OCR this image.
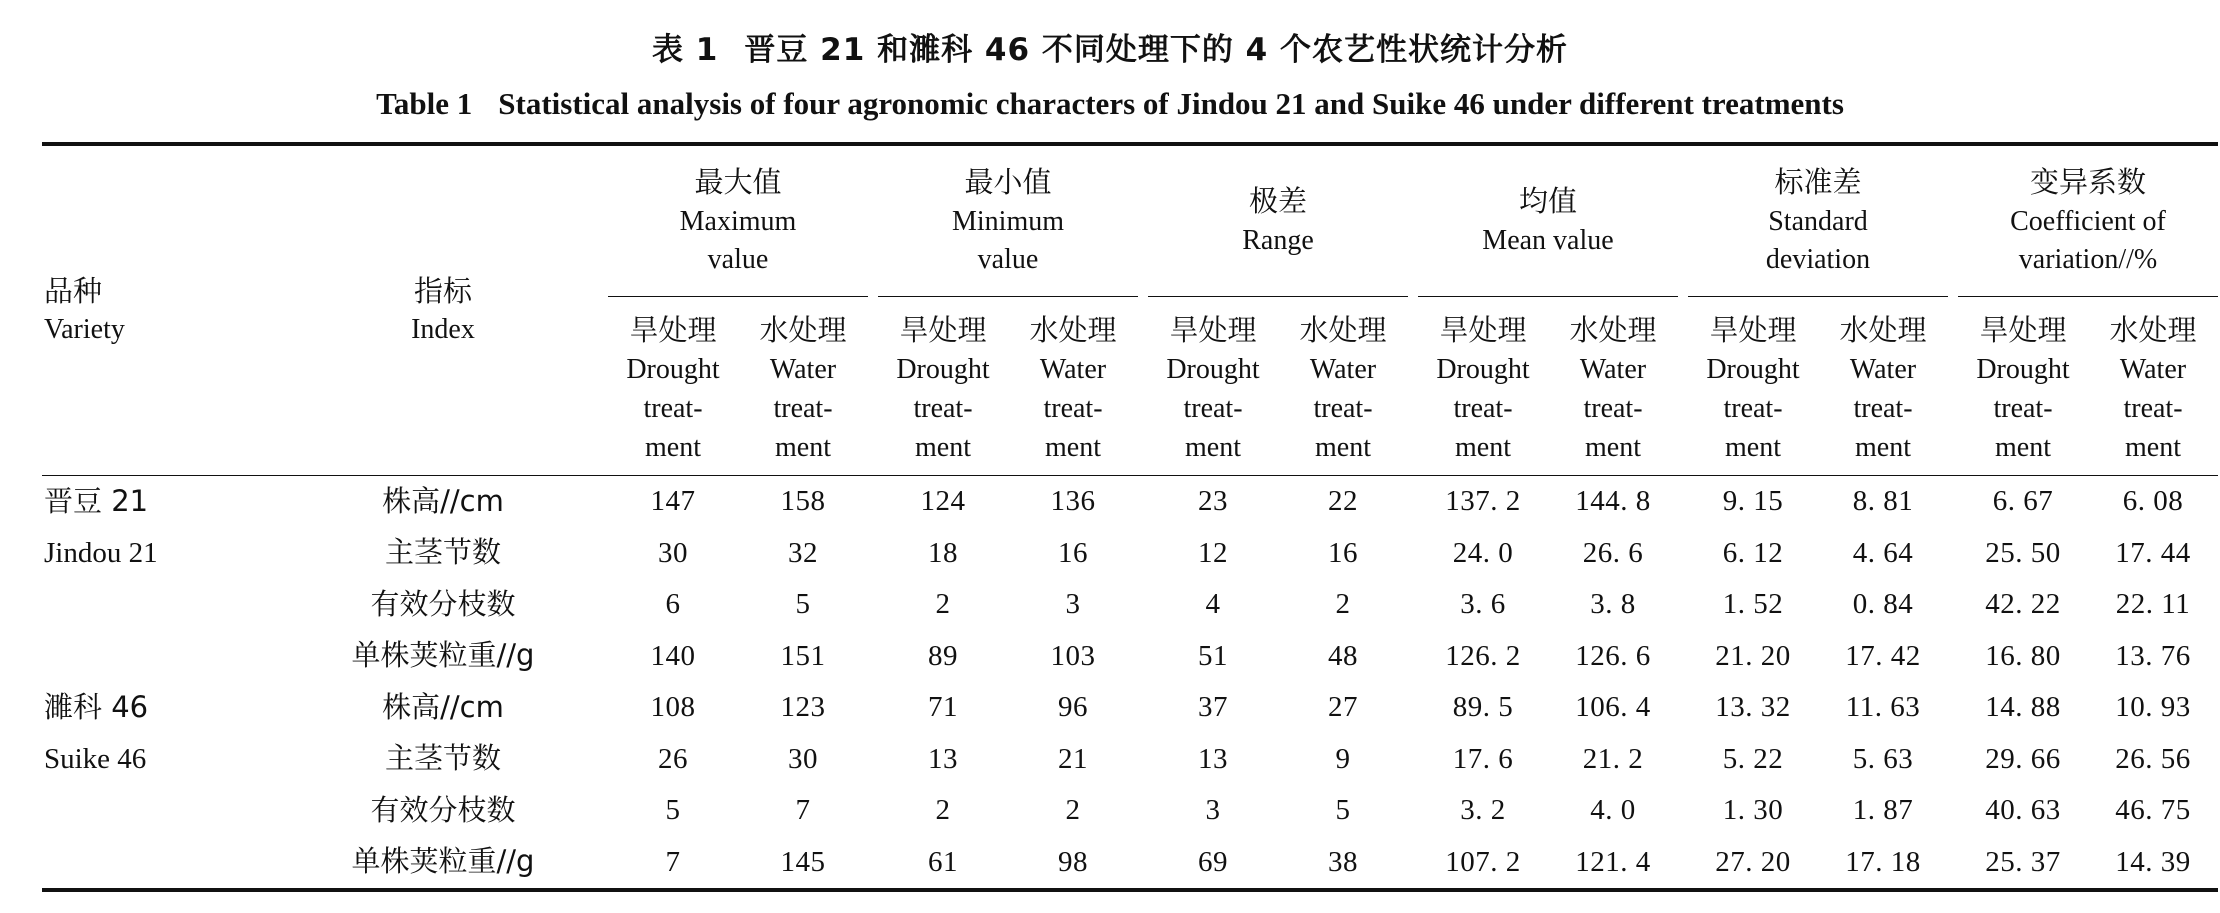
表 1 晋豆 21 和濉科 46 不同处理下的 4 个农艺性状统计分析
Table 1 Statistical analysis of four agronomic characters of Jindou 21 and Suike 46 under different treatments

品种
Variety	指标
Index	最大值
Maximum
value			最小值
Minimum
value			极差
Range			均值
Mean value			标准差
Standard
deviation			变异系数
Coefficient of
variation//%	

		旱处理
Drought
treat-
ment	水处理
Water
treat-
ment		旱处理
Drought
treat-
ment	水处理
Water
treat-
ment		旱处理
Drought
treat-
ment	水处理
Water
treat-
ment		旱处理
Drought
treat-
ment	水处理
Water
treat-
ment		旱处理
Drought
treat-
ment	水处理
Water
treat-
ment		旱处理
Drought
treat-
ment	水处理
Water
treat-
ment

晋豆 21	株高//cm	147	158		124	136		23	22		137. 2	144. 8		9. 15	8. 81		6. 67	6. 08
Jindou 21	主茎节数	30	32		18	16		12	16		24. 0	26. 6		6. 12	4. 64		25. 50	17. 44
	有效分枝数	6	5		2	3		4	2		3. 6	3. 8		1. 52	0. 84		42. 22	22. 11
	单株荚粒重//g	140	151		89	103		51	48		126. 2	126. 6		21. 20	17. 42		16. 80	13. 76
濉科 46	株高//cm	108	123		71	96		37	27		89. 5	106. 4		13. 32	11. 63		14. 88	10. 93
Suike 46	主茎节数	26	30		13	21		13	9		17. 6	21. 2		5. 22	5. 63		29. 66	26. 56
	有效分枝数	5	7		2	2		3	5		3. 2	4. 0		1. 30	1. 87		40. 63	46. 75
	单株荚粒重//g	7	145		61	98		69	38		107. 2	121. 4		27. 20	17. 18		25. 37	14. 39
